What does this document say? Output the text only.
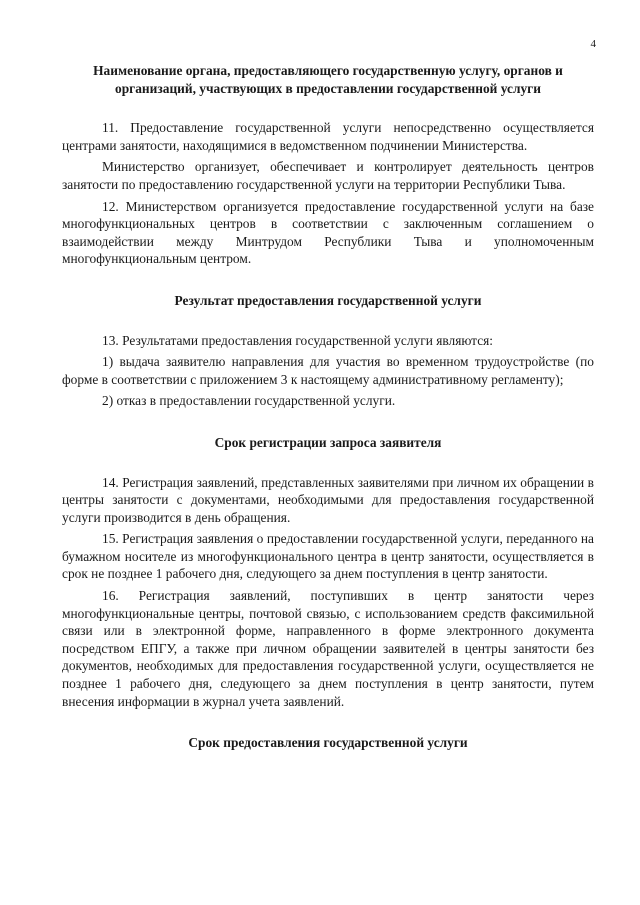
4

Наименование органа, предоставляющего государственную услугу, органов и организаций, участвующих в предоставлении государственной услуги

11. Предоставление государственной услуги непосредственно осуществляется центрами занятости, находящимися в ведомственном подчинении Министерства.

Министерство организует, обеспечивает и контролирует деятельность центров занятости по предоставлению государственной услуги на территории Республики Тыва.

12. Министерством организуется предоставление государственной услуги на базе многофункциональных центров в соответствии с заключенным соглашением о взаимодействии между Минтрудом Республики Тыва и уполномоченным многофункциональным центром.

Результат предоставления государственной услуги

13. Результатами предоставления государственной услуги являются:

1) выдача заявителю направления для участия во временном трудоустройстве (по форме в соответствии с приложением 3 к настоящему административному регламенту);

2) отказ в предоставлении государственной услуги.

Срок регистрации запроса заявителя

14. Регистрация заявлений, представленных заявителями при личном их обращении в центры занятости с документами, необходимыми для предоставления государственной услуги производится в день обращения.

15. Регистрация заявления о предоставлении государственной услуги, переданного на бумажном носителе из многофункционального центра в центр занятости, осуществляется в срок не позднее 1 рабочего дня, следующего за днем поступления в центр занятости.

16. Регистрация заявлений, поступивших в центр занятости через многофункциональные центры, почтовой связью, с использованием средств факсимильной связи или в электронной форме, направленного в форме электронного документа посредством ЕПГУ, а также при личном обращении заявителей в центры занятости без документов, необходимых для предоставления государственной услуги, осуществляется не позднее 1 рабочего дня, следующего за днем поступления в центр занятости, путем внесения информации в журнал учета заявлений.

Срок предоставления государственной услуги
